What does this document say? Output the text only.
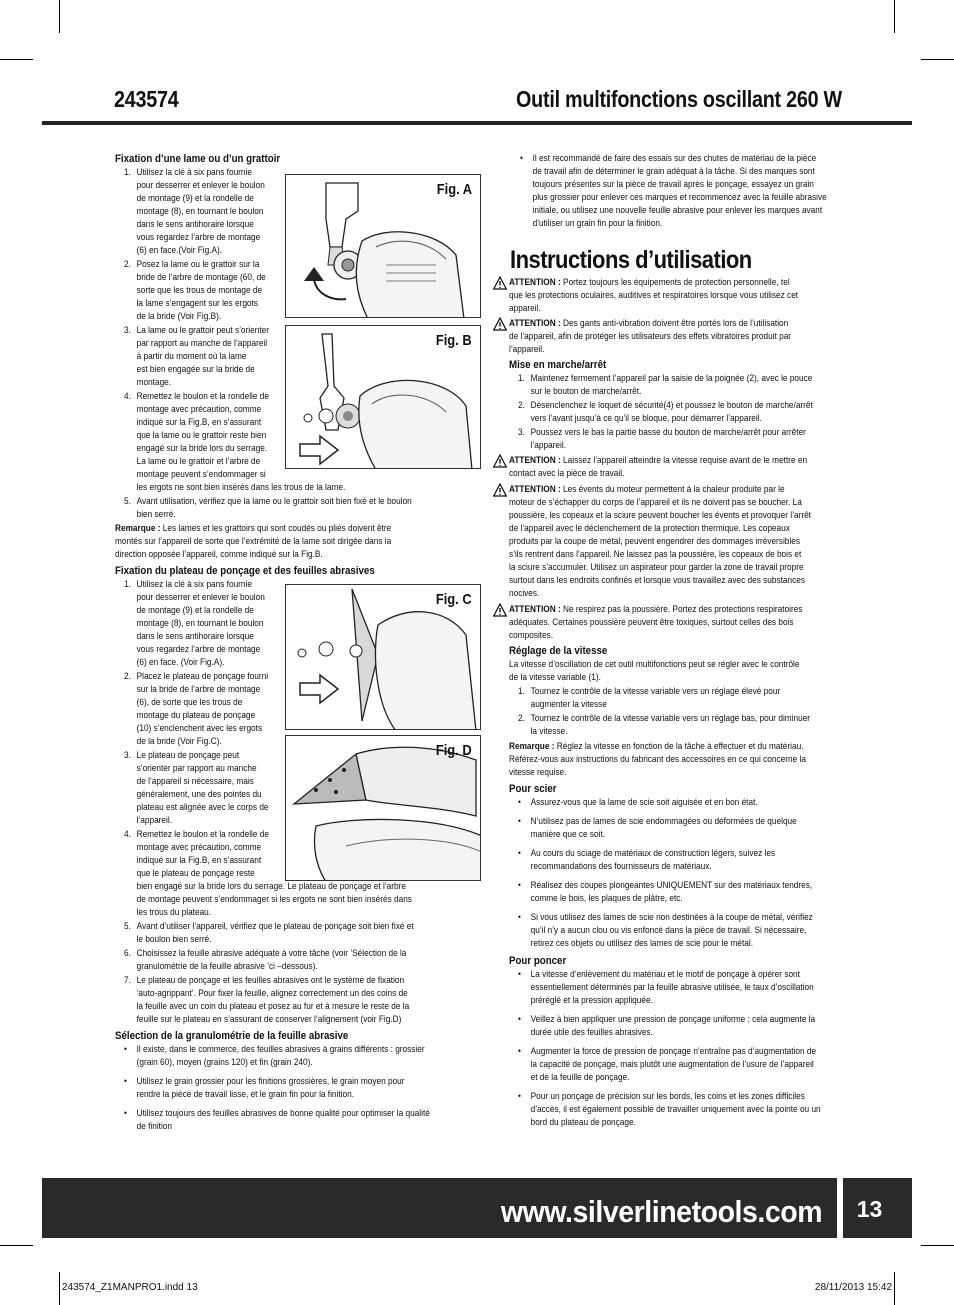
243574	Outil multifonctions oscillant 260 W

Fixation d’une lame ou d’un grattoir

1. Utilisez la clé à six pans fournie
pour desserrer et enlever le boulon
de montage (9) et la rondelle de
montage (8), en tournant le boulon
dans le sens antihoraire lorsque
vous regardez l’arbre de montage
(6) en face.(Voir Fig.A).
2. Posez la lame ou le grattoir sur la
bride de l’arbre de montage (60, de
sorte que les trous de montage de
la lame s’engagent sur les ergots
de la bride (Voir Fig.B).
3. La lame ou le grattoir peut s’orienter
par rapport au manche de l’appareil
à partir du moment où la lame
est bien engagée sur la bride de
montage.
4. Remettez le boulon et la rondelle de
montage avec précaution, comme
indiqué sur la Fig.B, en s’assurant
que la lame ou le grattoir reste bien
engagé sur la bride lors du serrage.
La lame ou le grattoir et l’arbre de
montage peuvent s’endommager si
les ergots ne sont bien insérés dans les trous de la lame.
5. Avant utilisation, vérifiez que la lame ou le grattoir soit bien fixé et le boulon
bien serré.

Remarque : Les lames et les grattoirs qui sont coudés ou pliés doivent être
montés sur l’appareil de sorte que l’extrémité de la lame soit dirigée dans la
direction opposée l’appareil, comme indiqué sur la Fig.B.

Fixation du plateau de ponçage et des feuilles abrasives

1. Utilisez la clé à six pans fournie
pour desserrer et enlever le boulon
de montage (9) et la rondelle de
montage (8), en tournant le boulon
dans le sens antihoraire lorsque
vous regardez l’arbre de montage
(6) en face. (Voir Fig.A).
2. Placez le plateau de ponçage fourni
sur la bride de l’arbre de montage
(6), de sorte que les trous de
montage du plateau de ponçage
(10) s’enclenchent avec les ergots
de la bride (Voir Fig.C).
3. Le plateau de ponçage peut
s’orienter par rapport au manche
de l’appareil si nécessaire, mais
généralement, une des pointes du
plateau est alignée avec le corps de
l’appareil.
4. Remettez le boulon et la rondelle de
montage avec précaution, comme
indiqué sur la Fig.B, en s’assurant
que le plateau de ponçage reste
bien engagé sur la bride lors du serrage. Le plateau de ponçage et l’arbre
de montage peuvent s’endommager si les ergots ne sont bien insérés dans
les trous du plateau.
5. Avant d’utiliser l’appareil, vérifiez que le plateau de ponçage soit bien fixé et
le boulon bien serré.
6. Choisissez la feuille abrasive adéquate à votre tâche (voir ‘Sélection de la
granulométrie de la feuille abrasive ’ci –dessous).
7. Le plateau de ponçage et les feuilles abrasives ont le système de fixation
‘auto-agrippant’. Pour fixer la feuille, alignez correctement un des coins de
la feuille avec un coin du plateau et posez au fur et à mesure le reste de la
feuille sur le plateau en s’assurant de conserver l’alignement (voir Fig.D)

Sélection de la granulométrie de la feuille abrasive

• Il existe, dans le commerce, des feuilles abrasives à grains différents : grossier
(grain 60), moyen (grains 120) et fin (grain 240).
• Utilisez le grain grossier pour les finitions grossières, le grain moyen pour
rendre la pièce de travail lisse, et le grain fin pour la finition.
• Utilisez toujours des feuilles abrasives de bonne qualité pour optimiser la qualité
de finition
Fig. A
Fig. B
Fig. C
Fig. D
• Il est recommandé de faire des essais sur des chutes de matériau de la pièce
de travail afin de déterminer le grain adéquat à la tâche. Si des marques sont
toujours présentes sur la pièce de travail après le ponçage, essayez un grain
plus grossier pour enlever ces marques et recommencez avec la feuille abrasive
initiale, ou utilisez une nouvelle feuille abrasive pour enlever les marques avant
d’utiliser un grain fin pour la finition.
Instructions d’utilisation
ATTENTION : Portez toujours les équipements de protection personnelle, tel
que les protections oculaires, auditives et respiratoires lorsque vous utilisez cet
appareil.
ATTENTION : Des gants anti-vibration doivent être portés lors de l’utilisation
de l’appareil, afin de protéger les utilisateurs des effets vibratoires produit par
l’appareil.

Mise en marche/arrêt

1. Maintenez fermement l’appareil par la saisie de la poignée (2), avec le pouce
sur le bouton de marche/arrêt.
2. Désenclenchez le loquet de sécurité(4) et poussez le bouton de marche/arrêt
vers l’avant jusqu’à ce qu’il se bloque, pour démarrer l’appareil.
3. Poussez vers le bas la partie basse du bouton de marche/arrêt pour arrêter
l’appareil.
ATTENTION : Laissez l’appareil atteindre la vitesse requise avant de le mettre en
contact avec la pièce de travail.
ATTENTION : Les évents du moteur permettent à la chaleur produite par le
moteur de s’échapper du corps de l’appareil et ils ne doivent pas se boucher. La
poussière, les copeaux et la sciure peuvent boucher les évents et provoquer l’arrêt
de l’appareil avec le déclenchement de la protection thermique. Les copeaux
produits par la coupe de métal, peuvent engendrer des dommages irréversibles
s’ils rentrent dans l’appareil. Ne laissez pas la poussière, les copeaux de bois et
la sciure s’accumuler. Utilisez un aspirateur pour garder la zone de travail propre
surtout dans les endroits confinés et lorsque vous travaillez avec des substances
nocives.
ATTENTION : Ne respirez pas la poussière. Portez des protections respiratoires
adéquates. Certaines poussière peuvent être toxiques, surtout celles des bois
composites.

Réglage de la vitesse

La vitesse d’oscillation de cet outil multifonctions peut se régler avec le contrôle
de la vitesse variable (1).

1. Tournez le contrôle de la vitesse variable vers un réglage élevé pour
augmenter la vitesse
2. Tournez le contrôle de la vitesse variable vers un réglage bas, pour diminuer
la vitesse.

Remarque : Réglez la vitesse en fonction de la tâche à effectuer et du matériau.
Référez-vous aux instructions du fabricant des accessoires en ce qui concerne la
vitesse requise.

Pour scier

• Assurez-vous que la lame de scie soit aiguisée et en bon état.
• N’utilisez pas de lames de scie endommagées ou déformées de quelque
manière que ce soit.
• Au cours du sciage de matériaux de construction légers, suivez les
recommandations des fournisseurs de matériaux.
• Réalisez des coupes plongeantes UNIQUEMENT sur des matériaux tendres,
comme le bois, les plaques de plâtre, etc.
• Si vous utilisez des lames de scie non destinées à la coupe de métal, vérifiez
qu’il n’y a aucun clou ou vis enfoncé dans la pièce de travail. Si nécessaire,
retirez ces objets ou utilisez des lames de scie pour le métal.

Pour poncer

• La vitesse d’enlèvement du matériau et le motif de ponçage à opérer sont
essentiellement déterminés par la feuille abrasive utilisée, le taux d’oscillation
préréglé et la pression appliquée.
• Veillez à bien appliquer une pression de ponçage uniforme ; cela augmente la
durée utile des feuilles abrasives.
• Augmenter la force de pression de ponçage n’entraîne pas d’augmentation de
la capacité de ponçage, mais plutôt une augmentation de l’usure de l’appareil
et de la feuille de ponçage.
• Pour un ponçage de précision sur les bords, les coins et les zones difficiles
d’accès, il est également possible de travailler uniquement avec la pointe ou un
bord du plateau de ponçage.
www.silverlinetools.com	13
243574_Z1MANPRO1.indd 13	28/11/2013 15:42
